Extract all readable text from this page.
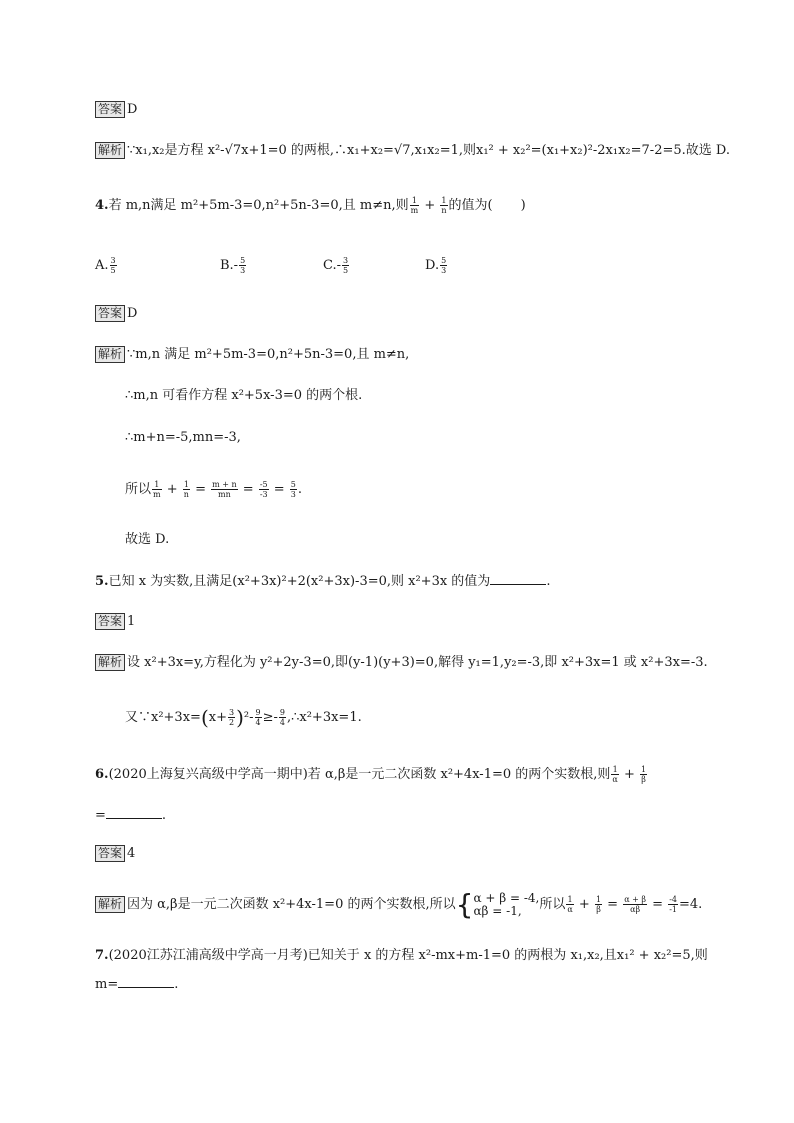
答案 D
解析 ∵x₁,x₂是方程 x²-√7x+1=0 的两根,∴x₁+x₂=√7,x₁x₂=1,则x₁² + x₂²=(x₁+x₂)²-2x₁x₂=7-2=5.故选 D.
4.若 m,n满足 m²+5m-3=0,n²+5n-3=0,且 m≠n,则 $\frac{1}{m} + \frac{1}{n}$ 的值为( )
A. $\frac{3}{5}$	$B.- \frac{5}{3}$	$C.- \frac{3}{5}$	D. $\frac{5}{3}$
答案 D
解析 ∵m,n 满足 m²+5m-3=0,n²+5n-3=0,且 m≠n,
∴m,n 可看作方程 x²+5x-3=0 的两个根.
∴m+n=-5,mn=-3,
所以 $\frac{1}{m} + \frac{1}{n} = \frac{m + n}{mn} = \frac{-5}{-3} = \frac{5}{3}$ .
故选 D.
5.已知 x 为实数,且满足(x²+3x)²+2(x²+3x)-3=0,则 x²+3x 的值为	.
答案 1
解析 设 x²+3x=y,方程化为 y²+2y-3=0,即(y-1)(y+3)=0,解得 y₁=1,y₂=-3,即 x²+3x=1 或 x²+3x=-3.
又∵x²+3x=(x+ $\frac{3}{2} )^2- \frac{9}{4} \ge- \frac{9}{4}$ ,∴x²+3x=1.
6.(2020上海复兴高级中学高一期中)若 α,β是一元二次函数 x²+4x-1=0 的两个实数根,则 $\frac{1}{\alpha} + \frac{1}{\beta}$
=	.
答案 4
解析 因为 α,β是一元二次函数 x²+4x-1=0 的两个实数根,所以{ α + β = -4,
αβ = -1,	所以 $\frac{1}{\alpha} + \frac{1}{\beta} = \frac{\alpha + \beta}{\alpha\beta} = \frac{-4}{-1} =4$.
7.(2020江苏江浦高级中学高一月考)已知关于 x 的方程 x²-mx+m-1=0 的两根为 x₁,x₂,且x₁² + x₂²=5,则
m=	.
